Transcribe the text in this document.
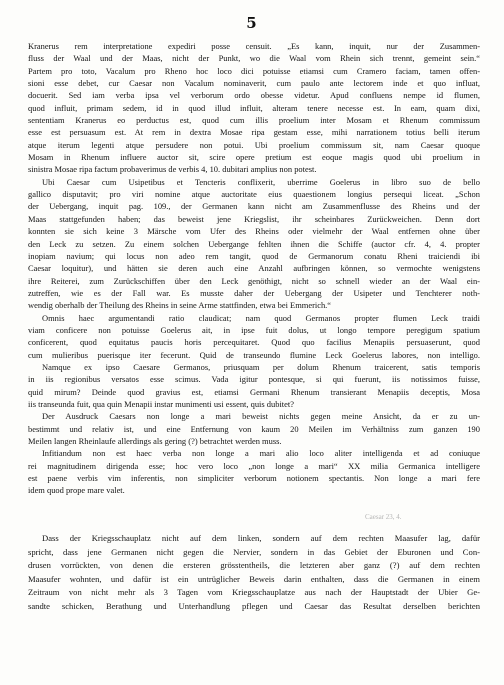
5
Kranerus rem interpretatione expediri posse censuit. „Es kann, inquit, nur der Zusammen-
fluss der Waal und der Maas, nicht der Punkt, wo die Waal vom Rhein sich trennt, gemeint sein.“
Partem pro toto, Vacalum pro Rheno hoc loco dici potuisse etiamsi cum Cramero faciam, tamen offen-
sioni esse debet, cur Caesar non Vacalum nominaverit, cum paulo ante lectorem inde et quo influat,
docuerit. Sed iam verba ipsa vel verborum ordo obesse videtur. Apud confluens nempe id flumen,
quod influit, primam sedem, id in quod illud influit, alteram tenere necesse est. In eam, quam dixi,
sententiam Kranerus eo perductus est, quod cum illis proelium inter Mosam et Rhenum commissum
esse est persuasum est. At rem in dextra Mosae ripa gestam esse, mihi narrationem totius belli iterum
atque iterum legenti atque persudere non potui. Ubi proelium commissum sit, nam Caesar quoque
Mosam in Rhenum influere auctor sit, scire opere pretium est eoque magis quod ubi proelium in
sinistra Mosae ripa factum probaverimus de verbis 4, 10. dubitari amplius non potest.
Ubi Caesar cum Usipetibus et Tencteris conflixerit, uberrime Goelerus in libro suo de bello
gallico disputavit; pro viri nomine atque auctoritate eius quaestionem longius persequi liceat. „Schon
der Uebergang, inquit pag. 109., der Germanen kann nicht am Zusammenflusse des Rheins und der
Maas stattgefunden haben; das beweist jene Kriegslist, ihr scheinbares Zurückweichen. Denn dort
konnten sie sich keine 3 Märsche vom Ufer des Rheins oder vielmehr der Waal entfernen ohne über
den Leck zu setzen. Zu einem solchen Uebergange fehlten ihnen die Schiffe (auctor cfr. 4, 4. propter
inopiam navium; qui locus non adeo rem tangit, quod de Germanorum conatu Rheni traiciendi ibi
Caesar loquitur), und hätten sie deren auch eine Anzahl aufbringen können, so vermochte wenigstens
ihre Reiterei, zum Zurückschiffen über den Leck genöthigt, nicht so schnell wieder an der Waal ein-
zutreffen, wie es der Fall war. Es musste daher der Uebergang der Usipeter und Tenchterer noth-
wendig oberhalb der Theilung des Rheins in seine Arme stattfinden, etwa bei Emmerich.“
Omnis haec argumentandi ratio claudicat; nam quod Germanos propter flumen Leck traidi
viam conficere non potuisse Goelerus ait, in ipse fuit dolus, ut longo tempore peregigum spatium
conficerent, quod equitatus paucis horis percequitaret. Quod quo facilius Menapiis persuaserunt, quod
cum mulieribus puerisque iter fecerunt. Quid de transeundo flumine Leck Goelerus labores, non intelligo.
Namque ex ipso Caesare Germanos, priusquam per dolum Rhenum traicerent, satis temporis
in iis regionibus versatos esse scimus. Vada igitur pontesque, si qui fuerunt, iis notissimos fuisse,
quid mirum? Deinde quod gravius est, etiamsi Germani Rhenum transierant Menapiis deceptis, Mosa
iis transeunda fuit, qua quin Menapii instar munimenti usi essent, quis dubitet?
Der Ausdruck Caesars non longe a mari beweist nichts gegen meine Ansicht, da er zu un-
bestimmt und relativ ist, und eine Entfernung von kaum 20 Meilen im Verhältniss zum ganzen 190
Meilen langen Rheinlaufe allerdings als gering (?) betrachtet werden muss.
Infitiandum non est haec verba non longe a mari alio loco aliter intelligenda et ad coniuque
rei magnitudinem dirigenda esse; hoc vero loco „non longe a mari“ XX milia Germanica intelligere
est paene verbis vim inferentis, non simpliciter verborum notionem spectantis. Non longe a mari fere
idem quod prope mare valet.
Caesar 23, 4.
Dass der Kriegsschauplatz nicht auf dem linken, sondern auf dem rechten Maasufer lag, dafür
spricht, dass jene Germanen nicht gegen die Nervier, sondern in das Gebiet der Eburonen und Con-
drusen vorrückten, von denen die ersteren grösstentheils, die letzteren aber ganz (?) auf dem rechten
Maasufer wohnten, und dafür ist ein untrüglicher Beweis darin enthalten, dass die Germanen in einem
Zeitraum von nicht mehr als 3 Tagen vom Kriegsschauplatze aus nach der Hauptstadt der Ubier Ge-
sandte schicken, Berathung und Unterhandlung pflegen und Caesar das Resultat derselben berichten
